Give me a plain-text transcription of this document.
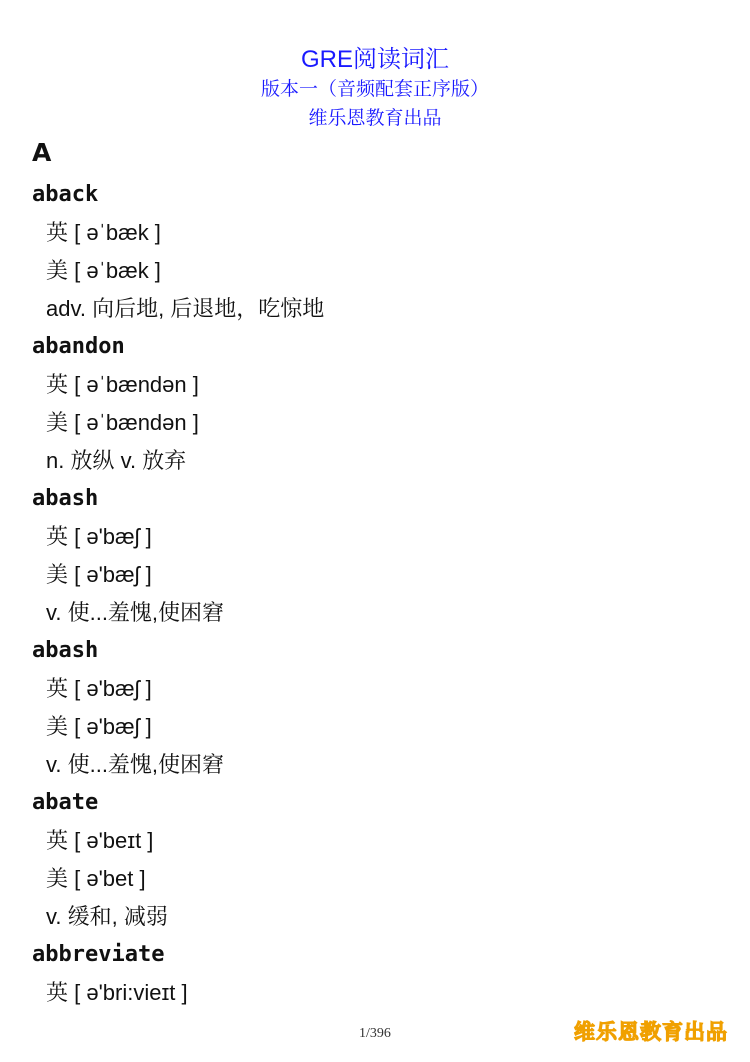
GRE阅读词汇
版本一（音频配套正序版）
维乐恩教育出品
A
aback
英 [ əˈbæk ]
美 [ əˈbæk ]
adv. 向后地, 后退地，吃惊地
abandon
英 [ əˈbændən ]
美 [ əˈbændən ]
n. 放纵 v. 放弃
abash
英 [ ə'bæʃ ]
美 [ ə'bæʃ ]
v. 使...羞愧,使困窘
abash
英 [ ə'bæʃ ]
美 [ ə'bæʃ ]
v. 使...羞愧,使困窘
abate
英 [ ə'beɪt ]
美 [ ə'bet ]
v. 缓和, 减弱
abbreviate
英 [ ə'bri:vieɪt ]
1/396	维乐恩教育出品
